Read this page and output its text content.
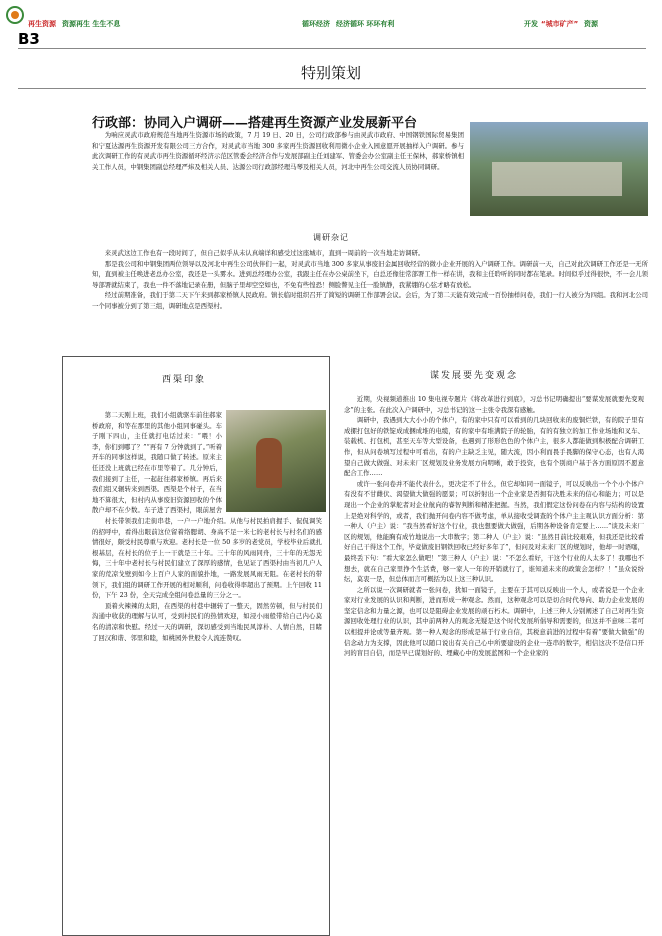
再生资源 资源再生 生生不息	循环经济 经济循环 环环有利	开发 “城市矿产” 资源
B3
特别策划
行政部：协同入户调研——搭建再生资源产业发展新平台

为响应灵武市政府规范当地再生资源市场的政策，7 月 19 日、20 日，公司行政部参与由灵武市政府、中国钢铁国际贸易集团和宁夏达源再生资源开发有限公司三方合作，对灵武市当地 300 多家再生资源回收利用微小企业入园意愿开展抽样入户调研。参与此次调研工作的有灵武市再生资源循环经济示范区管委会经济合作与发展部副主任刘建军、管委会办公室副主任王保林，郝家桥镇相关工作人员，中钢集团副总经理严炜及相关人员、达源公司行政部经理马琴及相关人员，河北中再生公司交流人员协同调研。

调研杂记

来灵武这边工作也有一段时间了，但自己似乎从未认真端详和感受过这座城市，直到一周前的一次当地走访调研。

那是我公司和中钢集团两位领导以及河北中再生公司伙伴们一起，对灵武市当地 300 多家从事废旧金属回收经营的微小企业开展的入户调研工作。调研前一天，自己对此次调研工作还是一无所知，直到被主任唤进老总办公室，我还是一头雾水。进到总经理办公室，我跟主任在办公桌前坐下，白总还像往常部署工作一样在讲，我和主任聆听的同时都在笔录。时间似乎过得很快，不一会儿领导部署就结束了，我也一件不落地记录在册，但脑子里却空空如也，不免有些惶恐！侧脸瞥见主任一脸镇静，我紧绷的心弦才略有放松。

经过前期准备，我们于第二天下午来到郝家桥镇人民政府。镇长临时组织召开了简短的调研工作部署会议。会后，为了第二天能有效完成一百份抽样问卷，我们一行人被分为四组。我和河北公司一个同事被分到了第三组，调研地点是西渠村。

西渠印象

第二天刚上班，我们小组就驱车前往郝家桥政府，和等在那里的其他小组同事碰头。车子刚下四山，主任就打电话过来：“喂！小李，你们到哪了？”“再有 7 分钟就到了。”听着开车的同事这样说，我随口做了转述。原来主任还没上班就已经在市里等着了。几分钟后，我们接到了主任，一起赶往郝家桥镇。再后来我们组又辗转来到西渠。西渠是个村子，在当地不算很大，但村内从事废旧资源回收的个体散户却不在少数。车子进了西渠村，眼前屋舍

谋发展要先变观念

近期，央视频道推出 10 集电视专题片《将改革进行到底》，习总书记明确提出“要谋发展就要先变观念”的主张。在此次入户调研中，习总书记的这一主张令我深有感触。

调研中，我遇到大大小小的个体户，有的家中只有可以看到的几块回收来的废铜烂铁，有的院子里有成摞打包好的铁锭成成捆成堆的电缆，有的家中有堆满院子的轮胎，有的有独立的加工作业场地和叉车、装载机、打包机，甚至天车等大型设备，也遇到了形形色色的个体户主，很多人都能做到积极配合调研工作，但从问卷填写过程中可看出，有的户主缺乏主见，随大流，因小利而畏手畏脚的保守心态，也有人渴望自己做大做强、对未来厂区规划及业务发展方向明晰，敢于投资，也有个别商户基于各方面原因不愿意配合工作……

或许一张问卷并不能代表什么，更决定不了什么，但它却如同一面镜子，可以反映出一个个小个体户有没有不甘雌伏、渴望做大做强的愿景；可以折射出一个企业家是否拥有决胜未来的信心和能力；可以是现出一个企业的掌舵者对企业航向的睿智判断和精准把握。当然，我们假定这份问卷在内容与结构的设置上是绝对科学的，或者，我们抛开问卷内容不做考虑，单从接收受调查的个体户主主观认识方面分析：第一种人（户主）说：“我当然看好这个行业，我也想要做大做强，后期各种设备肯定要上……”谈及未来厂区的规划，他能胸有成竹地说出一大串数字；第二种人（户主）说：“虽然目前比较艰难，但我还是比较看好自己干得这个工作，毕竟做废旧钢铁回收已经好多年了”，但问及对未来厂区的规划时，他却一时语噻，最终丢下句：“看大家怎么做吧！”第三种人（户主）说：“不怎么看好，干这个行业的人太多了！我哪也不想去，就在自己家里挣个生活费，够一家人一年的开销就行了，谁知道未来的政策会怎样？！”虽众说纷纭，莫衷一是，但总体而言可概括为以上这三种认识。

之所以说一次调研就者一张问卷，犹如一面镜子，主要在于其可以反映出一个人，或者说是一个企业家对行业发展的认识和判断，进而形成一种观念。然而，这种观念可以是切合时代导向、助力企业发展的坚定信念和力量之源，也可以是阻碍企业发展的顽石朽木。调研中，上述三种人分别阐述了自己对再生资源回收处理行业的认识，其中前两种人的观念无疑是这个时代发展所倡导和需要的，但这并不意味二者可以相提并论或等量齐观。第一种人观念的形成是基于行业自信，其税意前进的过程中有着“要做大做强”的信念动力为支撑，因此他可以随口说出有关自己心中所要建设的企业一连串的数字，相信这决不是信口开河的盲目自信，而是早已谋划好的、埋藏心中的发展蓝图和一个企业家的

村长带领我们走街串巷，一户一户地介绍。从他与村民拍肩握手、侃侃调笑的招呼中，看得出眼前这位留着络腮胡、身高不足一米七的老村长与村名们的感情很好，颇受村民尊重与欢迎。老村长是一位 50 多岁的老党员，学校毕业后就扎根基层，在村长的位子上一干就是三十年。三十年的风雨同舟，三十年的无怨无悔，三十年中老村长与村民们建立了深厚的感情，也见证了西渠村由当初几户人家的荒凉戈壁到如今上百户人家的面貌扑地，一路发展风雨无阻。在老村长的带领下，我们组的调研工作开展的相对顺利，问卷收得率超出了预期。上午回收 11 份，下午 23 份，全天完成全组问卷总量的三分之一。

顶着火辣辣的太阳，在西渠的村巷中辗转了一整天，固然劳顿，但与村民们沟通中收获的理解与认可，受到村民们的热情欢迎，如浸小雨般带给自己内心莫名的清凉和快慰。经过一天的调研，深切感受到当地民风淳朴、人情自然，目睹了回汉和谐、邻里和睦，如桃园外世般令人流连赞叹。
